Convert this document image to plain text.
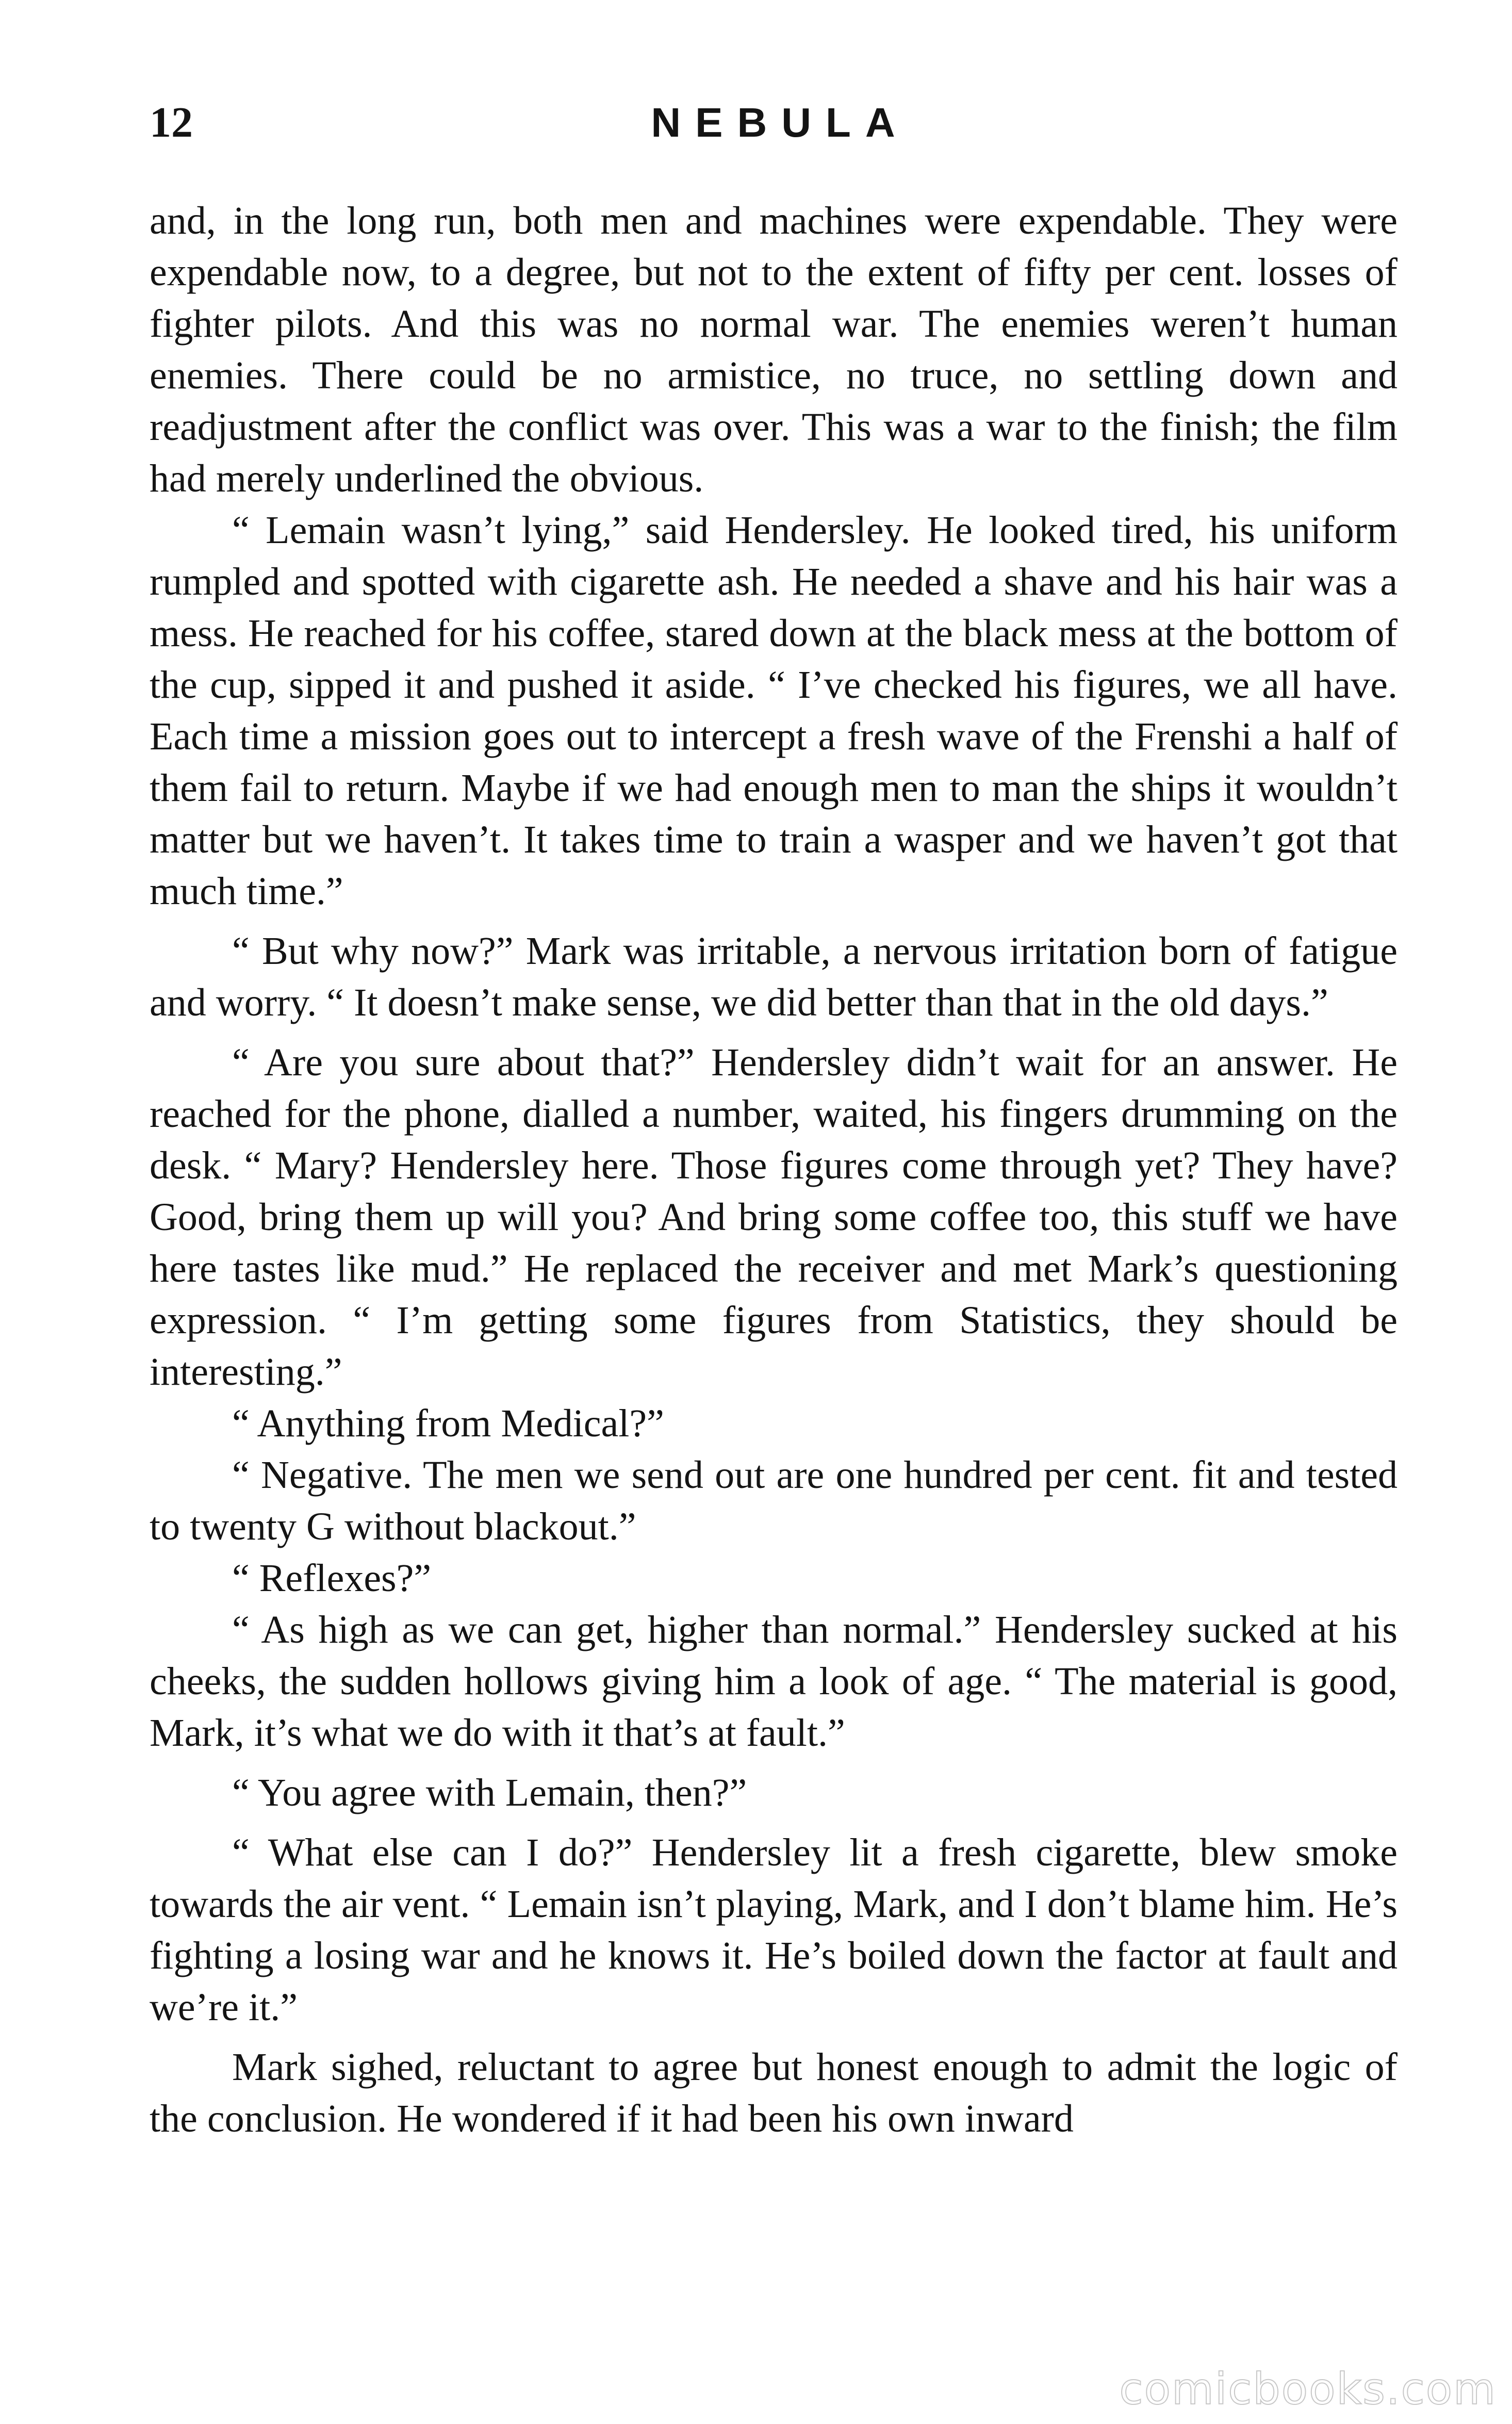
12	NEBULA

and, in the long run, both men and machines were expendable. They were expendable now, to a degree, but not to the extent of fifty per cent. losses of fighter pilots. And this was no normal war. The enemies weren’t human enemies. There could be no armistice, no truce, no settling down and readjustment after the conflict was over. This was a war to the finish; the film had merely underlined the obvious.

“ Lemain wasn’t lying,” said Hendersley. He looked tired, his uniform rumpled and spotted with cigarette ash. He needed a shave and his hair was a mess. He reached for his coffee, stared down at the black mess at the bottom of the cup, sipped it and pushed it aside. “ I’ve checked his figures, we all have. Each time a mission goes out to intercept a fresh wave of the Frenshi a half of them fail to return. Maybe if we had enough men to man the ships it wouldn’t matter but we haven’t. It takes time to train a wasper and we haven’t got that much time.”

“ But why now?” Mark was irritable, a nervous irritation born of fatigue and worry. “ It doesn’t make sense, we did better than that in the old days.”

“ Are you sure about that?” Hendersley didn’t wait for an answer. He reached for the phone, dialled a number, waited, his fingers drumming on the desk. “ Mary? Hendersley here. Those figures come through yet? They have? Good, bring them up will you? And bring some coffee too, this stuff we have here tastes like mud.” He replaced the receiver and met Mark’s questioning expression. “ I’m getting some figures from Statistics, they should be interesting.”

“ Anything from Medical?”

“ Negative. The men we send out are one hundred per cent. fit and tested to twenty G without blackout.”

“ Reflexes?”

“ As high as we can get, higher than normal.” Hendersley sucked at his cheeks, the sudden hollows giving him a look of age. “ The material is good, Mark, it’s what we do with it that’s at fault.”

“ You agree with Lemain, then?”

“ What else can I do?” Hendersley lit a fresh cigarette, blew smoke towards the air vent. “ Lemain isn’t playing, Mark, and I don’t blame him. He’s fighting a losing war and he knows it. He’s boiled down the factor at fault and we’re it.”

Mark sighed, reluctant to agree but honest enough to admit the logic of the conclusion. He wondered if it had been his own inward

comicbooks.com
